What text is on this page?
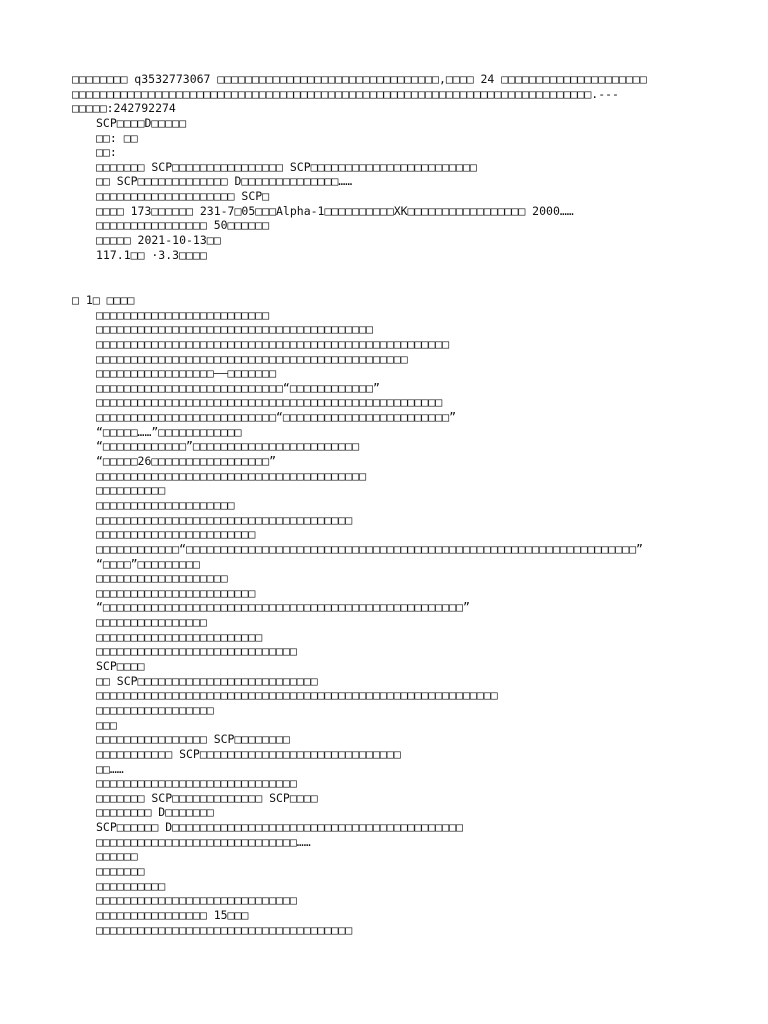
□□□□□□□□ q3532773067 □□□□□□□□□□□□□□□□□□□□□□□□□□□□□□□□,□□□□ 24 □□□□□□□□□□□□□□□□□□□□□
□□□□□□□□□□□□□□□□□□□□□□□□□□□□□□□□□□□□□□□□□□□□□□□□□□□□□□□□□□□□□□□□□□□□□□□□□□□.---
□□□□□:242792274
SCP□□□□D□□□□□
□□: □□
□□:
□□□□□□□ SCP□□□□□□□□□□□□□□□□ SCP□□□□□□□□□□□□□□□□□□□□□□□□
□□ SCP□□□□□□□□□□□□□ D□□□□□□□□□□□□□□……
□□□□□□□□□□□□□□□□□□□□ SCP□
□□□□ 173□□□□□□ 231-7□05□□□Alpha-1□□□□□□□□□□XK□□□□□□□□□□□□□□□□□ 2000……
□□□□□□□□□□□□□□□□ 50□□□□□□
□□□□□ 2021-10-13□□
117.1□□ ·3.3□□□□
□ 1□ □□□□
□□□□□□□□□□□□□□□□□□□□□□□□□
□□□□□□□□□□□□□□□□□□□□□□□□□□□□□□□□□□□□□□□□
□□□□□□□□□□□□□□□□□□□□□□□□□□□□□□□□□□□□□□□□□□□□□□□□□□□
□□□□□□□□□□□□□□□□□□□□□□□□□□□□□□□□□□□□□□□□□□□□□
□□□□□□□□□□□□□□□□□——□□□□□□□
□□□□□□□□□□□□□□□□□□□□□□□□□□□“□□□□□□□□□□□□”
□□□□□□□□□□□□□□□□□□□□□□□□□□□□□□□□□□□□□□□□□□□□□□□□□□
□□□□□□□□□□□□□□□□□□□□□□□□□□“□□□□□□□□□□□□□□□□□□□□□□□□”
“□□□□□……”□□□□□□□□□□□□
“□□□□□□□□□□□□”□□□□□□□□□□□□□□□□□□□□□□□□
“□□□□□26□□□□□□□□□□□□□□□□□”
□□□□□□□□□□□□□□□□□□□□□□□□□□□□□□□□□□□□□□□
□□□□□□□□□□
□□□□□□□□□□□□□□□□□□□□
□□□□□□□□□□□□□□□□□□□□□□□□□□□□□□□□□□□□□
□□□□□□□□□□□□□□□□□□□□□□□
□□□□□□□□□□□□“□□□□□□□□□□□□□□□□□□□□□□□□□□□□□□□□□□□□□□□□□□□□□□□□□□□□□□□□□□□□□□□□□”
“□□□□”□□□□□□□□□
□□□□□□□□□□□□□□□□□□□
□□□□□□□□□□□□□□□□□□□□□□□
“□□□□□□□□□□□□□□□□□□□□□□□□□□□□□□□□□□□□□□□□□□□□□□□□□□□□”
□□□□□□□□□□□□□□□□
□□□□□□□□□□□□□□□□□□□□□□□□
□□□□□□□□□□□□□□□□□□□□□□□□□□□□□
SCP□□□□
□□ SCP□□□□□□□□□□□□□□□□□□□□□□□□□□
□□□□□□□□□□□□□□□□□□□□□□□□□□□□□□□□□□□□□□□□□□□□□□□□□□□□□□□□□□
□□□□□□□□□□□□□□□□□
□□□
□□□□□□□□□□□□□□□□ SCP□□□□□□□□
□□□□□□□□□□□ SCP□□□□□□□□□□□□□□□□□□□□□□□□□□□□□
□□……
□□□□□□□□□□□□□□□□□□□□□□□□□□□□□
□□□□□□□ SCP□□□□□□□□□□□□□ SCP□□□□
□□□□□□□□ D□□□□□□□
SCP□□□□□□ D□□□□□□□□□□□□□□□□□□□□□□□□□□□□□□□□□□□□□□□□□□
□□□□□□□□□□□□□□□□□□□□□□□□□□□□□……
□□□□□□
□□□□□□□
□□□□□□□□□□
□□□□□□□□□□□□□□□□□□□□□□□□□□□□□
□□□□□□□□□□□□□□□□ 15□□□
□□□□□□□□□□□□□□□□□□□□□□□□□□□□□□□□□□□□□
